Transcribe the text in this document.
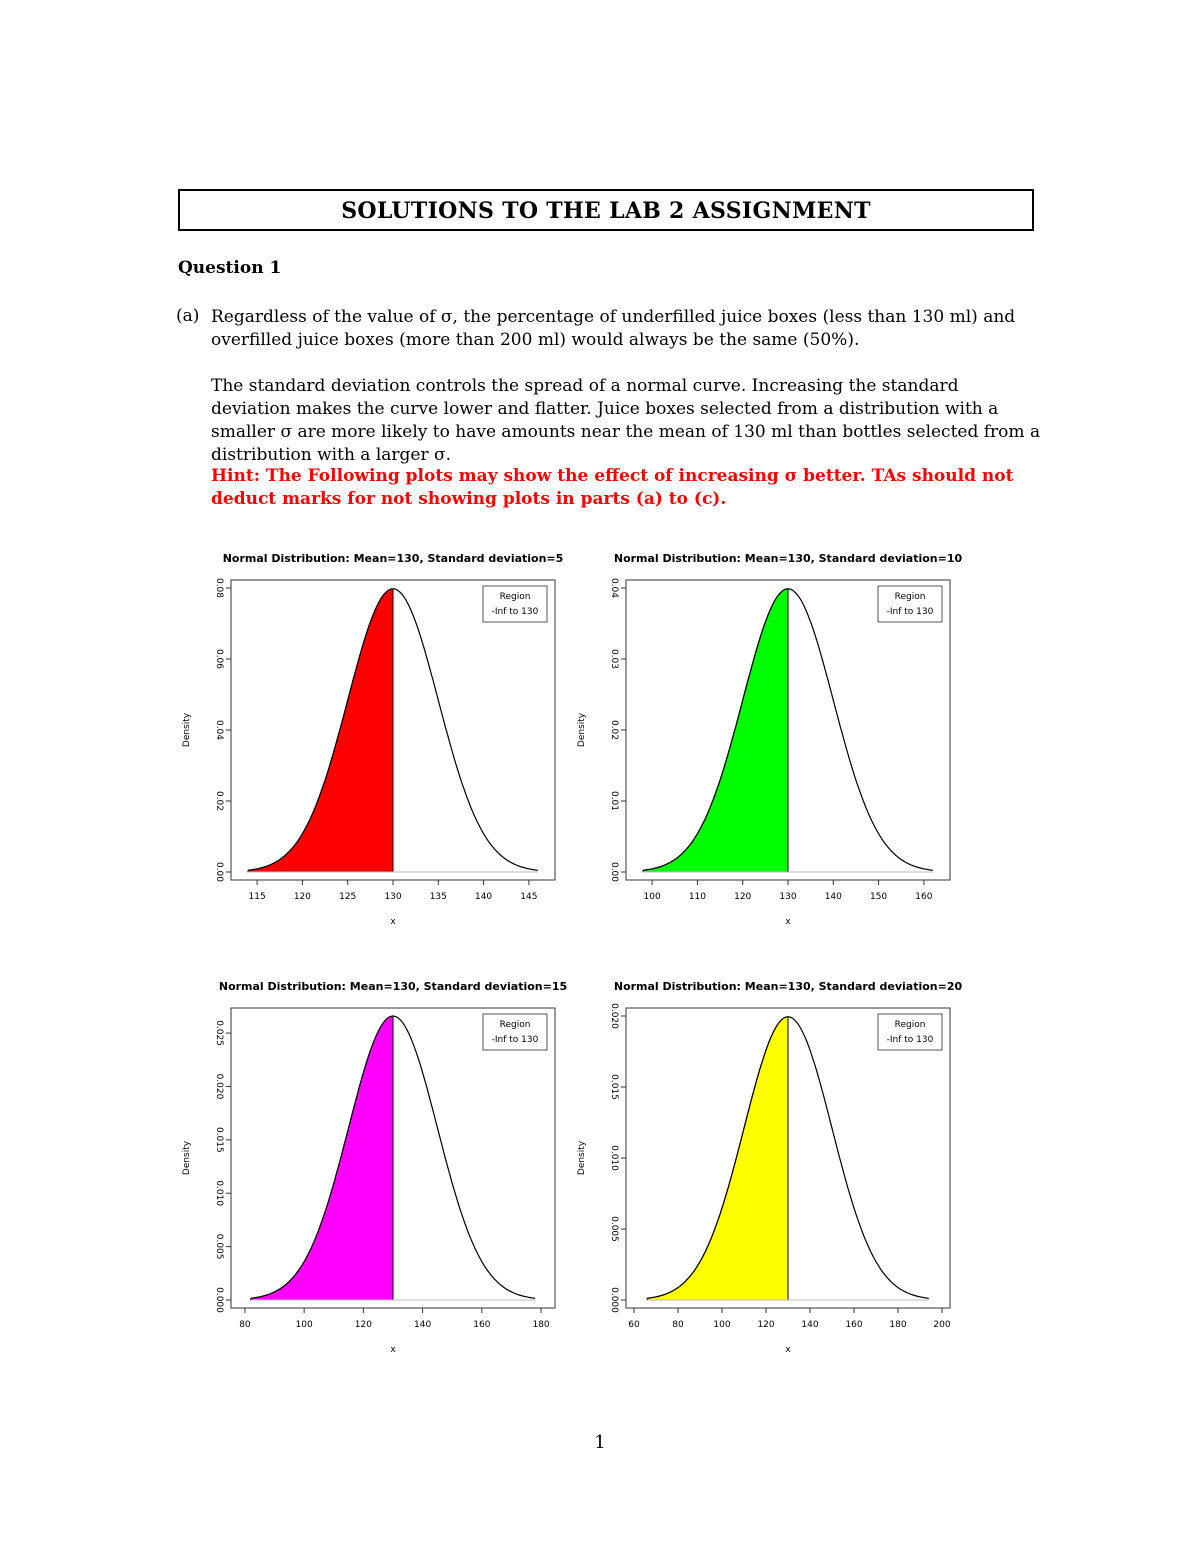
SOLUTIONS TO THE LAB 2 ASSIGNMENT
Question 1
(a) Regardless of the value of σ, the percentage of underfilled juice boxes (less than 130 ml) and overfilled juice boxes (more than 200 ml) would always be the same (50%).
The standard deviation controls the spread of a normal curve. Increasing the standard deviation makes the curve lower and flatter. Juice boxes selected from a distribution with a smaller σ are more likely to have amounts near the mean of 130 ml than bottles selected from a distribution with a larger σ.
Hint: The Following plots may show the effect of increasing σ better. TAs should not deduct marks for not showing plots in parts (a) to (c).
Normal Distribution: Mean=130, Standard deviation=5
115	120	125	130	135	140	145
x
0.00
0.02
0.04
0.06
0.08
Density
Region
-Inf to 130
Normal Distribution: Mean=130, Standard deviation=10
100	110	120	130	140	150	160
x
0.00
0.01
0.02
0.03
0.04
Density
Region
-Inf to 130
Normal Distribution: Mean=130, Standard deviation=15
80	100	120	140	160	180
x
0.000
0.005
0.010
0.015
0.020
0.025
Density
Region
-Inf to 130
Normal Distribution: Mean=130, Standard deviation=20
60	80	100	120	140	160	180	200
x
0.000
0.005
0.010
0.015
0.020
Density
Region
-Inf to 130
1
